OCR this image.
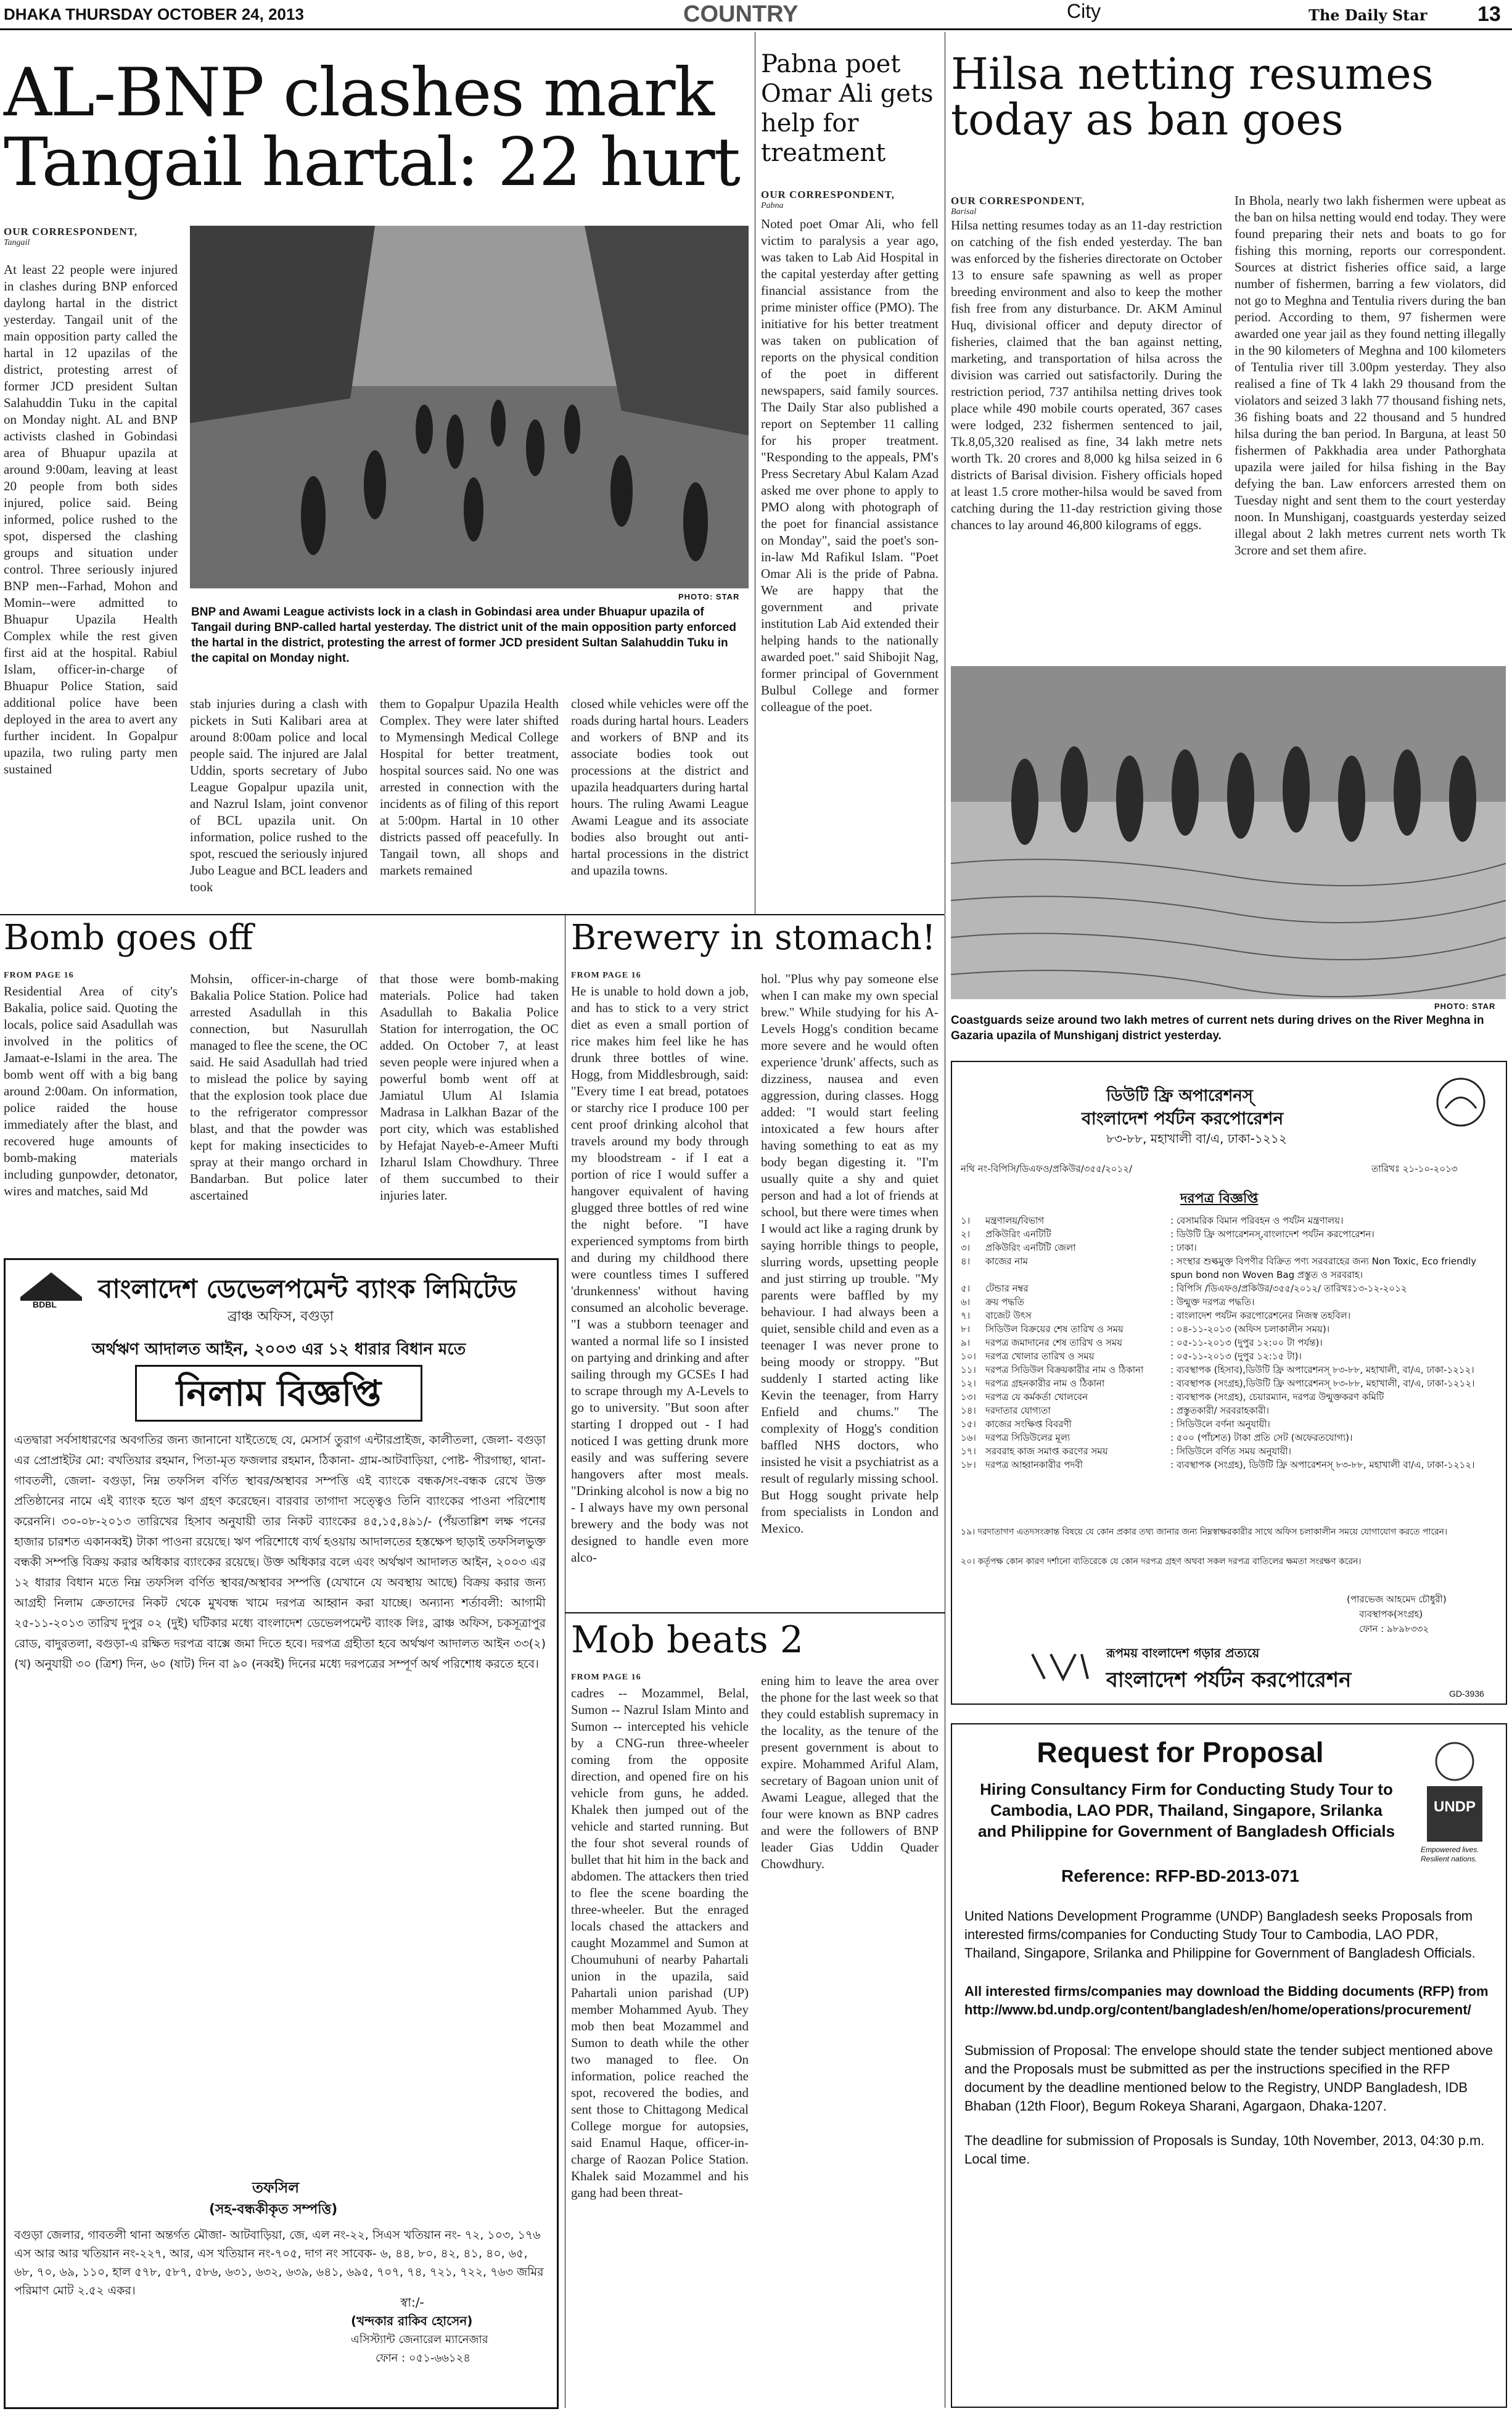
DHAKA THURSDAY OCTOBER 24, 2013	COUNTRY	City	The Daily Star 13
AL-BNP clashes mark Tangail hartal: 22 hurt
OUR CORRESPONDENT,
Tangail
At least 22 people were injured in clashes during BNP enforced daylong hartal in the district yesterday. Tangail unit of the main opposition party called the hartal in 12 upazilas of the district, protesting arrest of former JCD president Sultan Salahuddin Tuku in the capital on Monday night. AL and BNP activists clashed in Gobindasi area of Bhuapur upazila at around 9:00am, leaving at least 20 people from both sides injured, police said. Being informed, police rushed to the spot, dispersed the clashing groups and situation under control. Three seriously injured BNP men--Farhad, Mohon and Momin--were admitted to Bhuapur Upazila Health Complex while the rest given first aid at the hospital. Rabiul Islam, officer-in-charge of Bhuapur Police Station, said additional police have been deployed in the area to avert any further incident. In Gopalpur upazila, two ruling party men sustained
PHOTO: STAR
BNP and Awami League activists lock in a clash in Gobindasi area under Bhuapur upazila of Tangail during BNP-called hartal yesterday. The district unit of the main opposition party enforced the hartal in the district, protesting the arrest of former JCD president Sultan Salahuddin Tuku in the capital on Monday night.
stab injuries during a clash with pickets in Suti Kalibari area at around 8:00am police and local people said. The injured are Jalal Uddin, sports secretary of Jubo League Gopalpur upazila unit, and Nazrul Islam, joint convenor of BCL upazila unit. On information, police rushed to the spot, rescued the seriously injured Jubo League and BCL leaders and took
them to Gopalpur Upazila Health Complex. They were later shifted to Mymensingh Medical College Hospital for better treatment, hospital sources said. No one was arrested in connection with the incidents as of filing of this report at 5:00pm. Hartal in 10 other districts passed off peacefully. In Tangail town, all shops and markets remained
closed while vehicles were off the roads during hartal hours. Leaders and workers of BNP and its associate bodies took out processions at the district and upazila headquarters during hartal hours. The ruling Awami League Awami League and its associate bodies also brought out anti-hartal processions in the district and upazila towns.
Pabna poet Omar Ali gets help for treatment
OUR CORRESPONDENT,
Pabna
Noted poet Omar Ali, who fell victim to paralysis a year ago, was taken to Lab Aid Hospital in the capital yesterday after getting financial assistance from the prime minister office (PMO). The initiative for his better treatment was taken on publication of reports on the physical condition of the poet in different newspapers, said family sources. The Daily Star also published a report on September 11 calling for his proper treatment. "Responding to the appeals, PM's Press Secretary Abul Kalam Azad asked me over phone to apply to PMO along with photograph of the poet for financial assistance on Monday", said the poet's son-in-law Md Rafikul Islam. "Poet Omar Ali is the pride of Pabna. We are happy that the government and private institution Lab Aid extended their helping hands to the nationally awarded poet." said Shibojit Nag, former principal of Government Bulbul College and former colleague of the poet.
Hilsa netting resumes today as ban goes
OUR CORRESPONDENT,
Barisal
Hilsa netting resumes today as an 11-day restriction on catching of the fish ended yesterday. The ban was enforced by the fisheries directorate on October 13 to ensure safe spawning as well as proper breeding environment and also to keep the mother fish free from any disturbance. Dr. AKM Aminul Huq, divisional officer and deputy director of fisheries, claimed that the ban against netting, marketing, and transportation of hilsa across the division was carried out satisfactorily. During the restriction period, 737 antihilsa netting drives took place while 490 mobile courts operated, 367 cases were lodged, 232 fishermen sentenced to jail, Tk.8,05,320 realised as fine, 34 lakh metre nets worth Tk. 20 crores and 8,000 kg hilsa seized in 6 districts of Barisal division. Fishery officials hoped at least 1.5 crore mother-hilsa would be saved from catching during the 11-day restriction giving those chances to lay around 46,800 kilograms of eggs.
In Bhola, nearly two lakh fishermen were upbeat as the ban on hilsa netting would end today. They were found preparing their nets and boats to go for fishing this morning, reports our correspondent. Sources at district fisheries office said, a large number of fishermen, barring a few violators, did not go to Meghna and Tentulia rivers during the ban period. According to them, 97 fishermen were awarded one year jail as they found netting illegally in the 90 kilometers of Meghna and 100 kilometers of Tentulia river till 3.00pm yesterday. They also realised a fine of Tk 4 lakh 29 thousand from the violators and seized 3 lakh 77 thousand fishing nets, 36 fishing boats and 22 thousand and 5 hundred hilsa during the ban period. In Barguna, at least 50 fishermen of Pakkhadia area under Pathorghata upazila were jailed for hilsa fishing in the Bay defying the ban. Law enforcers arrested them on Tuesday night and sent them to the court yesterday noon. In Munshiganj, coastguards yesterday seized illegal about 2 lakh metres current nets worth Tk 3crore and set them afire.
PHOTO: STAR
Coastguards seize around two lakh metres of current nets during drives on the River Meghna in Gazaria upazila of Munshiganj district yesterday.
Bomb goes off
FROM PAGE 16
Residential Area of city's Bakalia, police said. Quoting the locals, police said Asadullah was involved in the politics of Jamaat-e-Islami in the area. The bomb went off with a big bang around 2:00am. On information, police raided the house immediately after the blast, and recovered huge amounts of bomb-making materials including gunpowder, detonator, wires and matches, said Md
Mohsin, officer-in-charge of Bakalia Police Station. Police had arrested Asadullah in this connection, but Nasurullah managed to flee the scene, the OC said. He said Asadullah had tried to mislead the police by saying that the explosion took place due to the refrigerator compressor blast, and that the powder was kept for making insecticides to spray at their mango orchard in Bandarban. But police later ascertained
that those were bomb-making materials. Police had taken Asadullah to Bakalia Police Station for interrogation, the OC added. On October 7, at least seven people were injured when a powerful bomb went off at Jamiatul Ulum Al Islamia Madrasa in Lalkhan Bazar of the port city, which was established by Hefajat Nayeb-e-Ameer Mufti Izharul Islam Chowdhury. Three of them succumbed to their injuries later.
Brewery in stomach!
FROM PAGE 16
He is unable to hold down a job, and has to stick to a very strict diet as even a small portion of rice makes him feel like he has drunk three bottles of wine. Hogg, from Middlesbrough, said: "Every time I eat bread, potatoes or starchy rice I produce 100 per cent proof drinking alcohol that travels around my body through my bloodstream - if I eat a portion of rice I would suffer a hangover equivalent of having glugged three bottles of red wine the night before. "I have experienced symptoms from birth and during my childhood there were countless times I suffered 'drunkenness' without having consumed an alcoholic beverage. "I was a stubborn teenager and wanted a normal life so I insisted on partying and drinking and after sailing through my GCSEs I had to scrape through my A-Levels to go to university. "But soon after starting I dropped out - I had noticed I was getting drunk more easily and was suffering severe hangovers after most meals. "Drinking alcohol is now a big no - I always have my own personal brewery and the body was not designed to handle even more alco-
hol. "Plus why pay someone else when I can make my own special brew." While studying for his A-Levels Hogg's condition became more severe and he would often experience 'drunk' affects, such as dizziness, nausea and even aggression, during classes. Hogg added: "I would start feeling intoxicated a few hours after having something to eat as my body began digesting it. "I'm usually quite a shy and quiet person and had a lot of friends at school, but there were times when I would act like a raging drunk by saying horrible things to people, slurring words, upsetting people and just stirring up trouble. "My parents were baffled by my behaviour. I had always been a quiet, sensible child and even as a teenager I was never prone to being moody or stroppy. "But suddenly I started acting like Kevin the teenager, from Harry Enfield and chums." The complexity of Hogg's condition baffled NHS doctors, who insisted he visit a psychiatrist as a result of regularly missing school. But Hogg sought private help from specialists in London and Mexico.
Mob beats 2
FROM PAGE 16
cadres -- Mozammel, Belal, Sumon -- Nazrul Islam Minto and Sumon -- intercepted his vehicle by a CNG-run three-wheeler coming from the opposite direction, and opened fire on his vehicle from guns, he added. Khalek then jumped out of the vehicle and started running. But the four shot several rounds of bullet that hit him in the back and abdomen. The attackers then tried to flee the scene boarding the three-wheeler. But the enraged locals chased the attackers and caught Mozammel and Sumon at Choumuhuni of nearby Pahartali union in the upazila, said Pahartali union parishad (UP) member Mohammed Ayub. They mob then beat Mozammel and Sumon to death while the other two managed to flee. On information, police reached the spot, recovered the bodies, and sent those to Chittagong Medical College morgue for autopsies, said Enamul Haque, officer-in-charge of Raozan Police Station. Khalek said Mozammel and his gang had been threat-
ening him to leave the area over the phone for the last week so that they could establish supremacy in the locality, as the tenure of the present government is about to expire. Mohammed Ariful Alam, secretary of Bagoan union unit of Awami League, alleged that the four were known as BNP cadres and were the followers of BNP leader Gias Uddin Quader Chowdhury.
BDBL
বাংলাদেশ ডেভেলপমেন্ট ব্যাংক লিমিটেড
ব্রাঞ্চ অফিস, বগুড়া
অর্থঋণ আদালত আইন, ২০০৩ এর ১২ ধারার বিধান মতে
নিলাম বিজ্ঞপ্তি
এতদ্বারা সর্বসাধারণের অবগতির জন্য জানানো যাইতেছে যে, মেসার্স তুরাগ এন্টারপ্রাইজ, কালীতলা, জেলা- বগুড়া এর প্রোপ্রাইটর মো: বখতিয়ার রহমান, পিতা-মৃত ফজলার রহমান, ঠিকানা- গ্রাম-আটবাড়িয়া, পোষ্ট- পীরগাছা, থানা- গাবতলী, জেলা- বগুড়া, নিম্ন তফসিল বর্ণিত স্থাবর/অস্থাবর সম্পত্তি এই ব্যাংকে বন্ধক/সং-বন্ধক রেখে উক্ত প্রতিষ্ঠানের নামে এই ব্যাংক হতে ঋণ গ্রহণ করেছেন। বারবার তাগাদা সত্ত্বেও তিনি ব্যাংকের পাওনা পরিশোধ করেননি। ৩০-০৮-২০১৩ তারিখের হিসাব অনুযায়ী তার নিকট ব্যাংকের ৪৫,১৫,৪৯১/- (পঁয়তাল্লিশ লক্ষ পনের হাজার চারশত একানব্বই) টাকা পাওনা রয়েছে। ঋণ পরিশোধে ব্যর্থ হওয়ায় আদালতের হস্তক্ষেপ ছাড়াই তফসিলভুক্ত বন্ধকী সম্পত্তি বিক্রয় করার অধিকার ব্যাংকের রয়েছে। উক্ত অধিকার বলে এবং অর্থঋণ আদালত আইন, ২০০৩ এর ১২ ধারার বিধান মতে নিম্ন তফসিল বর্ণিত স্থাবর/অস্থাবর সম্পত্তি (যেখানে যে অবস্থায় আছে) বিক্রয় করার জন্য আগ্রহী নিলাম ক্রেতাদের নিকট থেকে মুখবন্ধ খামে দরপত্র আহ্বান করা যাচ্ছে। অন্যান্য শর্তাবলী: আগামী ২৫-১১-২০১৩ তারিখ দুপুর ০২ (দুই) ঘটিকার মধ্যে বাংলাদেশ ডেভেলপমেন্ট ব্যাংক লিঃ, ব্রাঞ্চ অফিস, চকসূত্রাপুর রোড, বাদুরতলা, বগুড়া-এ রক্ষিত দরপত্র বাক্সে জমা দিতে হবে। দরপত্র গ্রহীতা হবে অর্থঋণ আদালত আইন ৩৩(২)(খ) অনুযায়ী ৩০ (ত্রিশ) দিন, ৬০ (ষাট) দিন বা ৯০ (নব্বই) দিনের মধ্যে দরপত্রের সম্পূর্ণ অর্থ পরিশোধ করতে হবে।
তফসিল
(সহ-বন্ধকীকৃত সম্পত্তি)
বগুড়া জেলার, গাবতলী থানা অন্তর্গত মৌজা- আটবাড়িয়া, জে, এল নং-২২, সিএস খতিয়ান নং- ৭২, ১০৩, ১৭৬ এস আর আর খতিয়ান নং-২২৭, আর, এস খতিয়ান নং-৭০৫, দাগ নং সাবেক- ৬, ৪৪, ৮০, ৪২, ৪১, ৪০, ৬৫, ৬৮, ৭০, ৬৯, ১১০, হাল ৫৭৮, ৫৮৭, ৫৮৬, ৬৩১, ৬৩২, ৬৩৯, ৬৪১, ৬৯৫, ৭০৭, ৭৪, ৭২১, ৭২২, ৭৬৩ জমির পরিমাণ মোট ২.৫২ একর।
স্বা:/-
(খন্দকার রাকিব হোসেন)
এসিস্ট্যান্ট জেনারেল ম্যানেজার
ফোন : ০৫১-৬৬১২৪
ডিউটি ফ্রি অপারেশনস্
বাংলাদেশ পর্যটন করপোরেশন
৮৩-৮৮, মহাখালী বা/এ, ঢাকা-১২১২
নথি নং-বিপিসি/ডিএফও/প্রকিউর/৩৫৫/২০১২/	তারিখঃ ২১-১০-২০১৩
দরপত্র বিজ্ঞপ্তি
১।	মন্ত্রণালয়/বিভাগ	: বেসামরিক বিমান পরিবহন ও পর্যটন মন্ত্রণালয়।
২।	প্রকিউরিং এনটিটি	: ডিউটি ফ্রি অপারেশনস্,বাংলাদেশ পর্যটন করপোরেশন।
৩।	প্রকিউরিং এনটিটি জেলা	: ঢাকা।
৪।	কাজের নাম	: সংস্থার শুল্কমুক্ত বিপণীর বিক্রিত পণ্য সরবরাহের জন্য Non Toxic, Eco friendly spun bond non Woven Bag প্রস্তুত ও সরবরাহ।
৫।	টেন্ডার নম্বর	: বিপিসি /ডিএফও/প্রকিউর/৩৫৫/২০১২/ তারিখঃ১৩-১২-২০১২
৬।	ক্রয় পদ্ধতি	: উন্মুক্ত দরপত্র পদ্ধতি।
৭।	বাজেট উৎস	: বাংলাদেশ পর্যটন করপোরেশনের নিজস্ব তহবিল।
৮।	সিডিউল বিক্রয়ের শেষ তারিখ ও সময়	: ০৪-১১-২০১৩ (অফিস চলাকালীন সময়)।
৯।	দরপত্র জমাদানের শেষ তারিখ ও সময়	: ০৫-১১-২০১৩ (দুপুর ১২:০০ টা পর্যন্ত)।
১০।	দরপত্র খোলার তারিখ ও সময়	: ০৫-১১-২০১৩ (দুপুর ১২:১৫ টা)।
১১।	দরপত্র সিডিউল বিক্রয়কারীর নাম ও ঠিকানা	: ব্যবস্থাপক (হিসাব),ডিউটি ফ্রি অপারেশনস্ ৮৩-৮৮, মহাখালী, বা/এ, ঢাকা-১২১২।
১২।	দরপত্র গ্রহনকারীর নাম ও ঠিকানা	: ব্যবস্থাপক (সংগ্রহ),ডিউটি ফ্রি অপারেশনস্ ৮৩-৮৮, মহাখালী, বা/এ, ঢাকা-১২১২।
১৩।	দরপত্র যে কর্মকর্তা খোলবেন	: ব্যবস্থাপক (সংগ্রহ), চেয়ারম্যান, দরপত্র উন্মুক্তকরণ কমিটি
১৪।	দরদাতার যোগ্যতা	: প্রস্তুতকারী/ সরবরাহকারী।
১৫।	কাজের সংক্ষিপ্ত বিবরণী	: সিডিউলে বর্ণনা অনুযায়ী।
১৬।	দরপত্র সিডিউলের মূল্য	: ৫০০ (পাঁচশত) টাকা প্রতি সেট (অফেরতযোগ্য)।
১৭।	সরবরাহ কাজ সমাপ্ত করণের সময়	: সিডিউলে বর্ণিত সময় অনুযায়ী।
১৮।	দরপত্র আহ্বানকারীর পদবী	: ব্যবস্থাপক (সংগ্রহ), ডিউটি ফ্রি অপারেশনস্ ৮৩-৮৮, মহাখালী বা/এ, ঢাকা-১২১২।
১৯। দরদাতাগণ এতদসংক্রান্ত বিষয়ে যে কোন প্রকার তথ্য জানার জন্য নিম্নস্বাক্ষরকারীর সাথে অফিস চলাকালীন সময়ে যোগাযোগ করতে পারেন।
২০। কর্তৃপক্ষ কোন কারণ দর্শানো ব্যতিরেকে যে কোন দরপত্র গ্রহণ অথবা সকল দরপত্র বাতিলের ক্ষমতা সংরক্ষণ করেন।
(পারভেজ আহমেদ চৌধুরী)
ব্যবস্থাপক(সংগ্রহ)
ফোন : ৯৮৯৮৩৩২
রূপময় বাংলাদেশ গড়ার প্রত্যয়ে
বাংলাদেশ পর্যটন করপোরেশন
GD-3936
Request for Proposal
Hiring Consultancy Firm for Conducting Study Tour to Cambodia, LAO PDR, Thailand, Singapore, Srilanka and Philippine for Government of Bangladesh Officials
Reference: RFP-BD-2013-071
UNDP
Empowered lives. Resilient nations.
United Nations Development Programme (UNDP) Bangladesh seeks Proposals from interested firms/companies for Conducting Study Tour to Cambodia, LAO PDR, Thailand, Singapore, Srilanka and Philippine for Government of Bangladesh Officials.
All interested firms/companies may download the Bidding documents (RFP) from http://www.bd.undp.org/content/bangladesh/en/home/operations/procurement/
Submission of Proposal: The envelope should state the tender subject mentioned above and the Proposals must be submitted as per the instructions specified in the RFP document by the deadline mentioned below to the Registry, UNDP Bangladesh, IDB Bhaban (12th Floor), Begum Rokeya Sharani, Agargaon, Dhaka-1207.
The deadline for submission of Proposals is Sunday, 10th November, 2013, 04:30 p.m. Local time.
